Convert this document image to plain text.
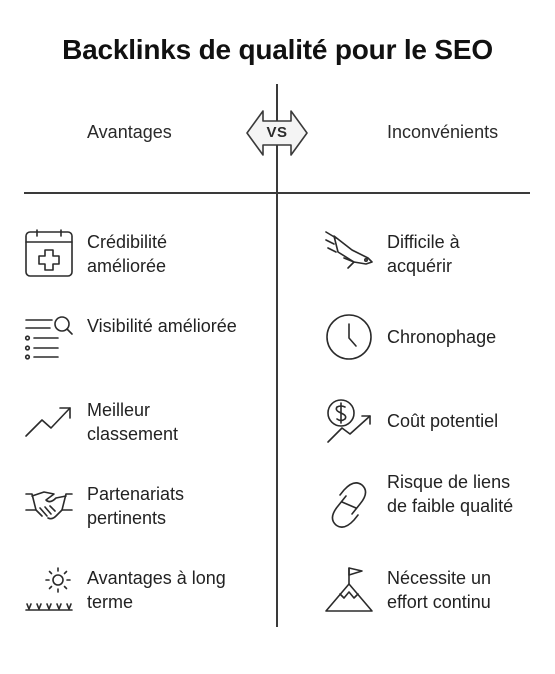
Backlinks de qualité pour le SEO
VS
Avantages	Inconvénients
Crédibilité améliorée
Visibilité améliorée
Meilleur classement
Partenariats pertinents
Avantages à long terme
Difficile à acquérir
Chronophage
Coût potentiel
Risque de liens de faible qualité
Nécessite un effort continu
